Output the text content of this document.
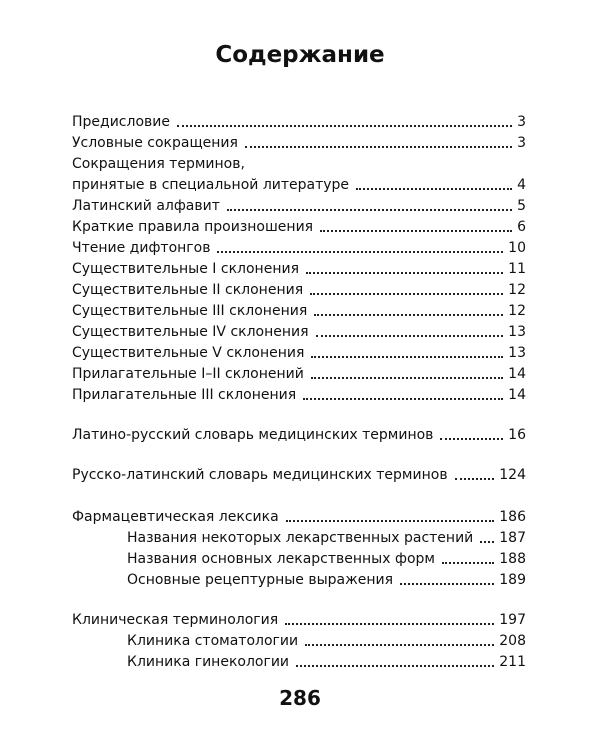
Содержание
Предисловие	3
Условные сокращения	3
Сокращения терминов,
принятые в специальной литературе	4
Латинский алфавит	5
Краткие правила произношения	6
Чтение дифтонгов	10
Существительные I склонения	11
Существительные II склонения	12
Существительные III склонения	12
Существительные IV склонения	13
Существительные V склонения	13
Прилагательные I–II склонений	14
Прилагательные III склонения	14
Латино-русский словарь медицинских терминов	16
Русско-латинский словарь медицинских терминов	124
Фармацевтическая лексика	186
Названия некоторых лекарственных растений 187
Названия основных лекарственных форм	188
Основные рецептурные выражения	189
Клиническая терминология	197
Клиника стоматологии	208
Клиника гинекологии	211
286
